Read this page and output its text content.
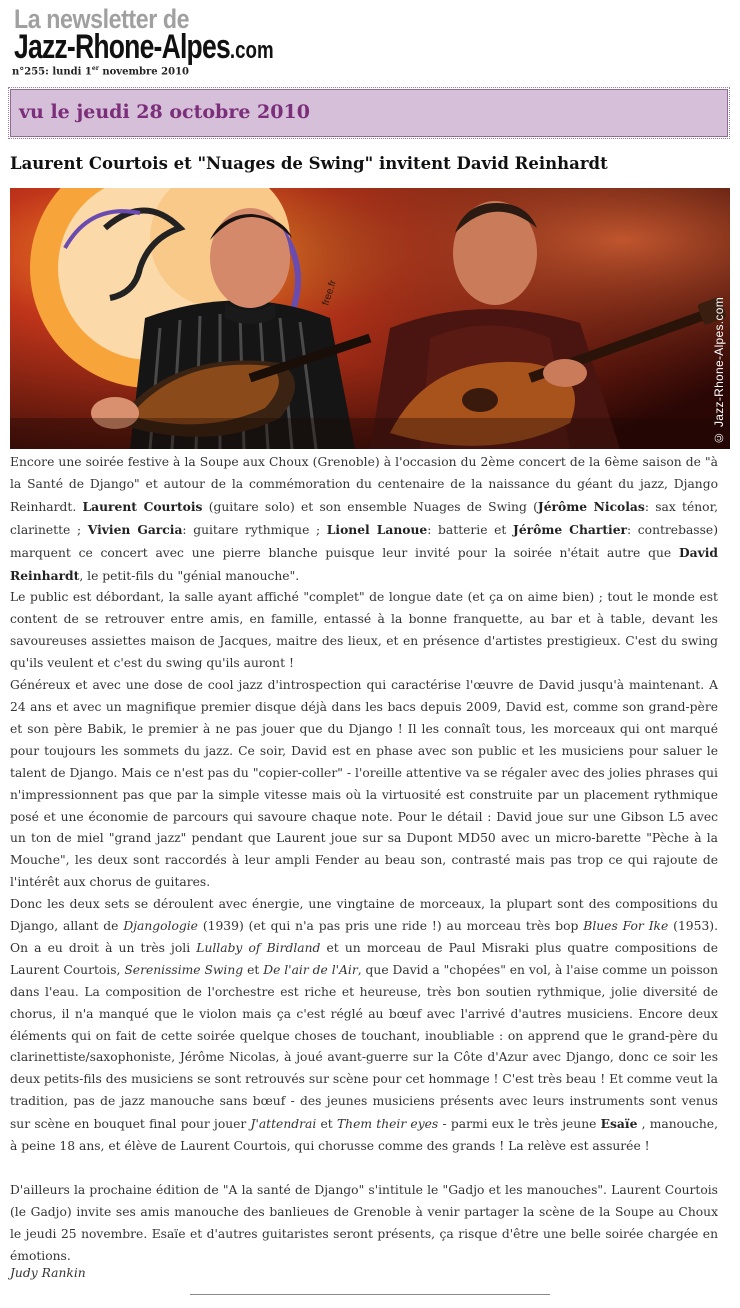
La newsletter de
Jazz-Rhone-Alpes.com
n°255: lundi 1er novembre 2010
vu le jeudi 28 octobre 2010
Laurent Courtois et "Nuages de Swing" invitent David Reinhardt
free.fr
© Jazz-Rhone-Alpes.com

Encore une soirée festive à la Soupe aux Choux (Grenoble) à l'occasion du 2ème concert de la 6ème saison de "à la Santé de Django" et autour de la commémoration du centenaire de la naissance du géant du jazz, Django Reinhardt. Laurent Courtois (guitare solo) et son ensemble Nuages de Swing (Jérôme Nicolas: sax ténor, clarinette ; Vivien Garcia: guitare rythmique ; Lionel Lanoue: batterie et Jérôme Chartier: contrebasse) marquent ce concert avec une pierre blanche puisque leur invité pour la soirée n'était autre que David Reinhardt, le petit-fils du "génial manouche".

Le public est débordant, la salle ayant affiché "complet" de longue date (et ça on aime bien) ; tout le monde est content de se retrouver entre amis, en famille, entassé à la bonne franquette, au bar et à table, devant les savoureuses assiettes maison de Jacques, maitre des lieux, et en présence d'artistes prestigieux. C'est du swing qu'ils veulent et c'est du swing qu'ils auront !

Généreux et avec une dose de cool jazz d'introspection qui caractérise l'œuvre de David jusqu'à maintenant. A 24 ans et avec un magnifique premier disque déjà dans les bacs depuis 2009, David est, comme son grand-père et son père Babik, le premier à ne pas jouer que du Django ! Il les connaît tous, les morceaux qui ont marqué pour toujours les sommets du jazz. Ce soir, David est en phase avec son public et les musiciens pour saluer le talent de Django. Mais ce n'est pas du "copier-coller" - l'oreille attentive va se régaler avec des jolies phrases qui n'impressionnent pas que par la simple vitesse mais où la virtuosité est construite par un placement rythmique posé et une économie de parcours qui savoure chaque note. Pour le détail : David joue sur une Gibson L5 avec un ton de miel "grand jazz" pendant que Laurent joue sur sa Dupont MD50 avec un micro-barette "Pèche à la Mouche", les deux sont raccordés à leur ampli Fender au beau son, contrasté mais pas trop ce qui rajoute de l'intérêt aux chorus de guitares.

Donc les deux sets se déroulent avec énergie, une vingtaine de morceaux, la plupart sont des compositions du Django, allant de Djangologie (1939) (et qui n'a pas pris une ride !) au morceau très bop Blues For Ike (1953). On a eu droit à un très joli Lullaby of Birdland et un morceau de Paul Misraki plus quatre compositions de Laurent Courtois, Serenissime Swing et De l'air de l'Air, que David a "chopées" en vol, à l'aise comme un poisson dans l'eau. La composition de l'orchestre est riche et heureuse, très bon soutien rythmique, jolie diversité de chorus, il n'a manqué que le violon mais ça c'est réglé au bœuf avec l'arrivé d'autres musiciens. Encore deux éléments qui on fait de cette soirée quelque choses de touchant, inoubliable : on apprend que le grand-père du clarinettiste/saxophoniste, Jérôme Nicolas, à joué avant-guerre sur la Côte d'Azur avec Django, donc ce soir les deux petits-fils des musiciens se sont retrouvés sur scène pour cet hommage ! C'est très beau ! Et comme veut la tradition, pas de jazz manouche sans bœuf - des jeunes musiciens présents avec leurs instruments sont venus sur scène en bouquet final pour jouer J'attendrai et Them their eyes - parmi eux le très jeune Esaïe , manouche, à peine 18 ans, et élève de Laurent Courtois, qui chorusse comme des grands ! La relève est assurée !

D'ailleurs la prochaine édition de "A la santé de Django" s'intitule le "Gadjo et les manouches". Laurent Courtois (le Gadjo) invite ses amis manouche des banlieues de Grenoble à venir partager la scène de la Soupe au Choux le jeudi 25 novembre. Esaïe et d'autres guitaristes seront présents, ça risque d'être une belle soirée chargée en émotions.

Judy Rankin
